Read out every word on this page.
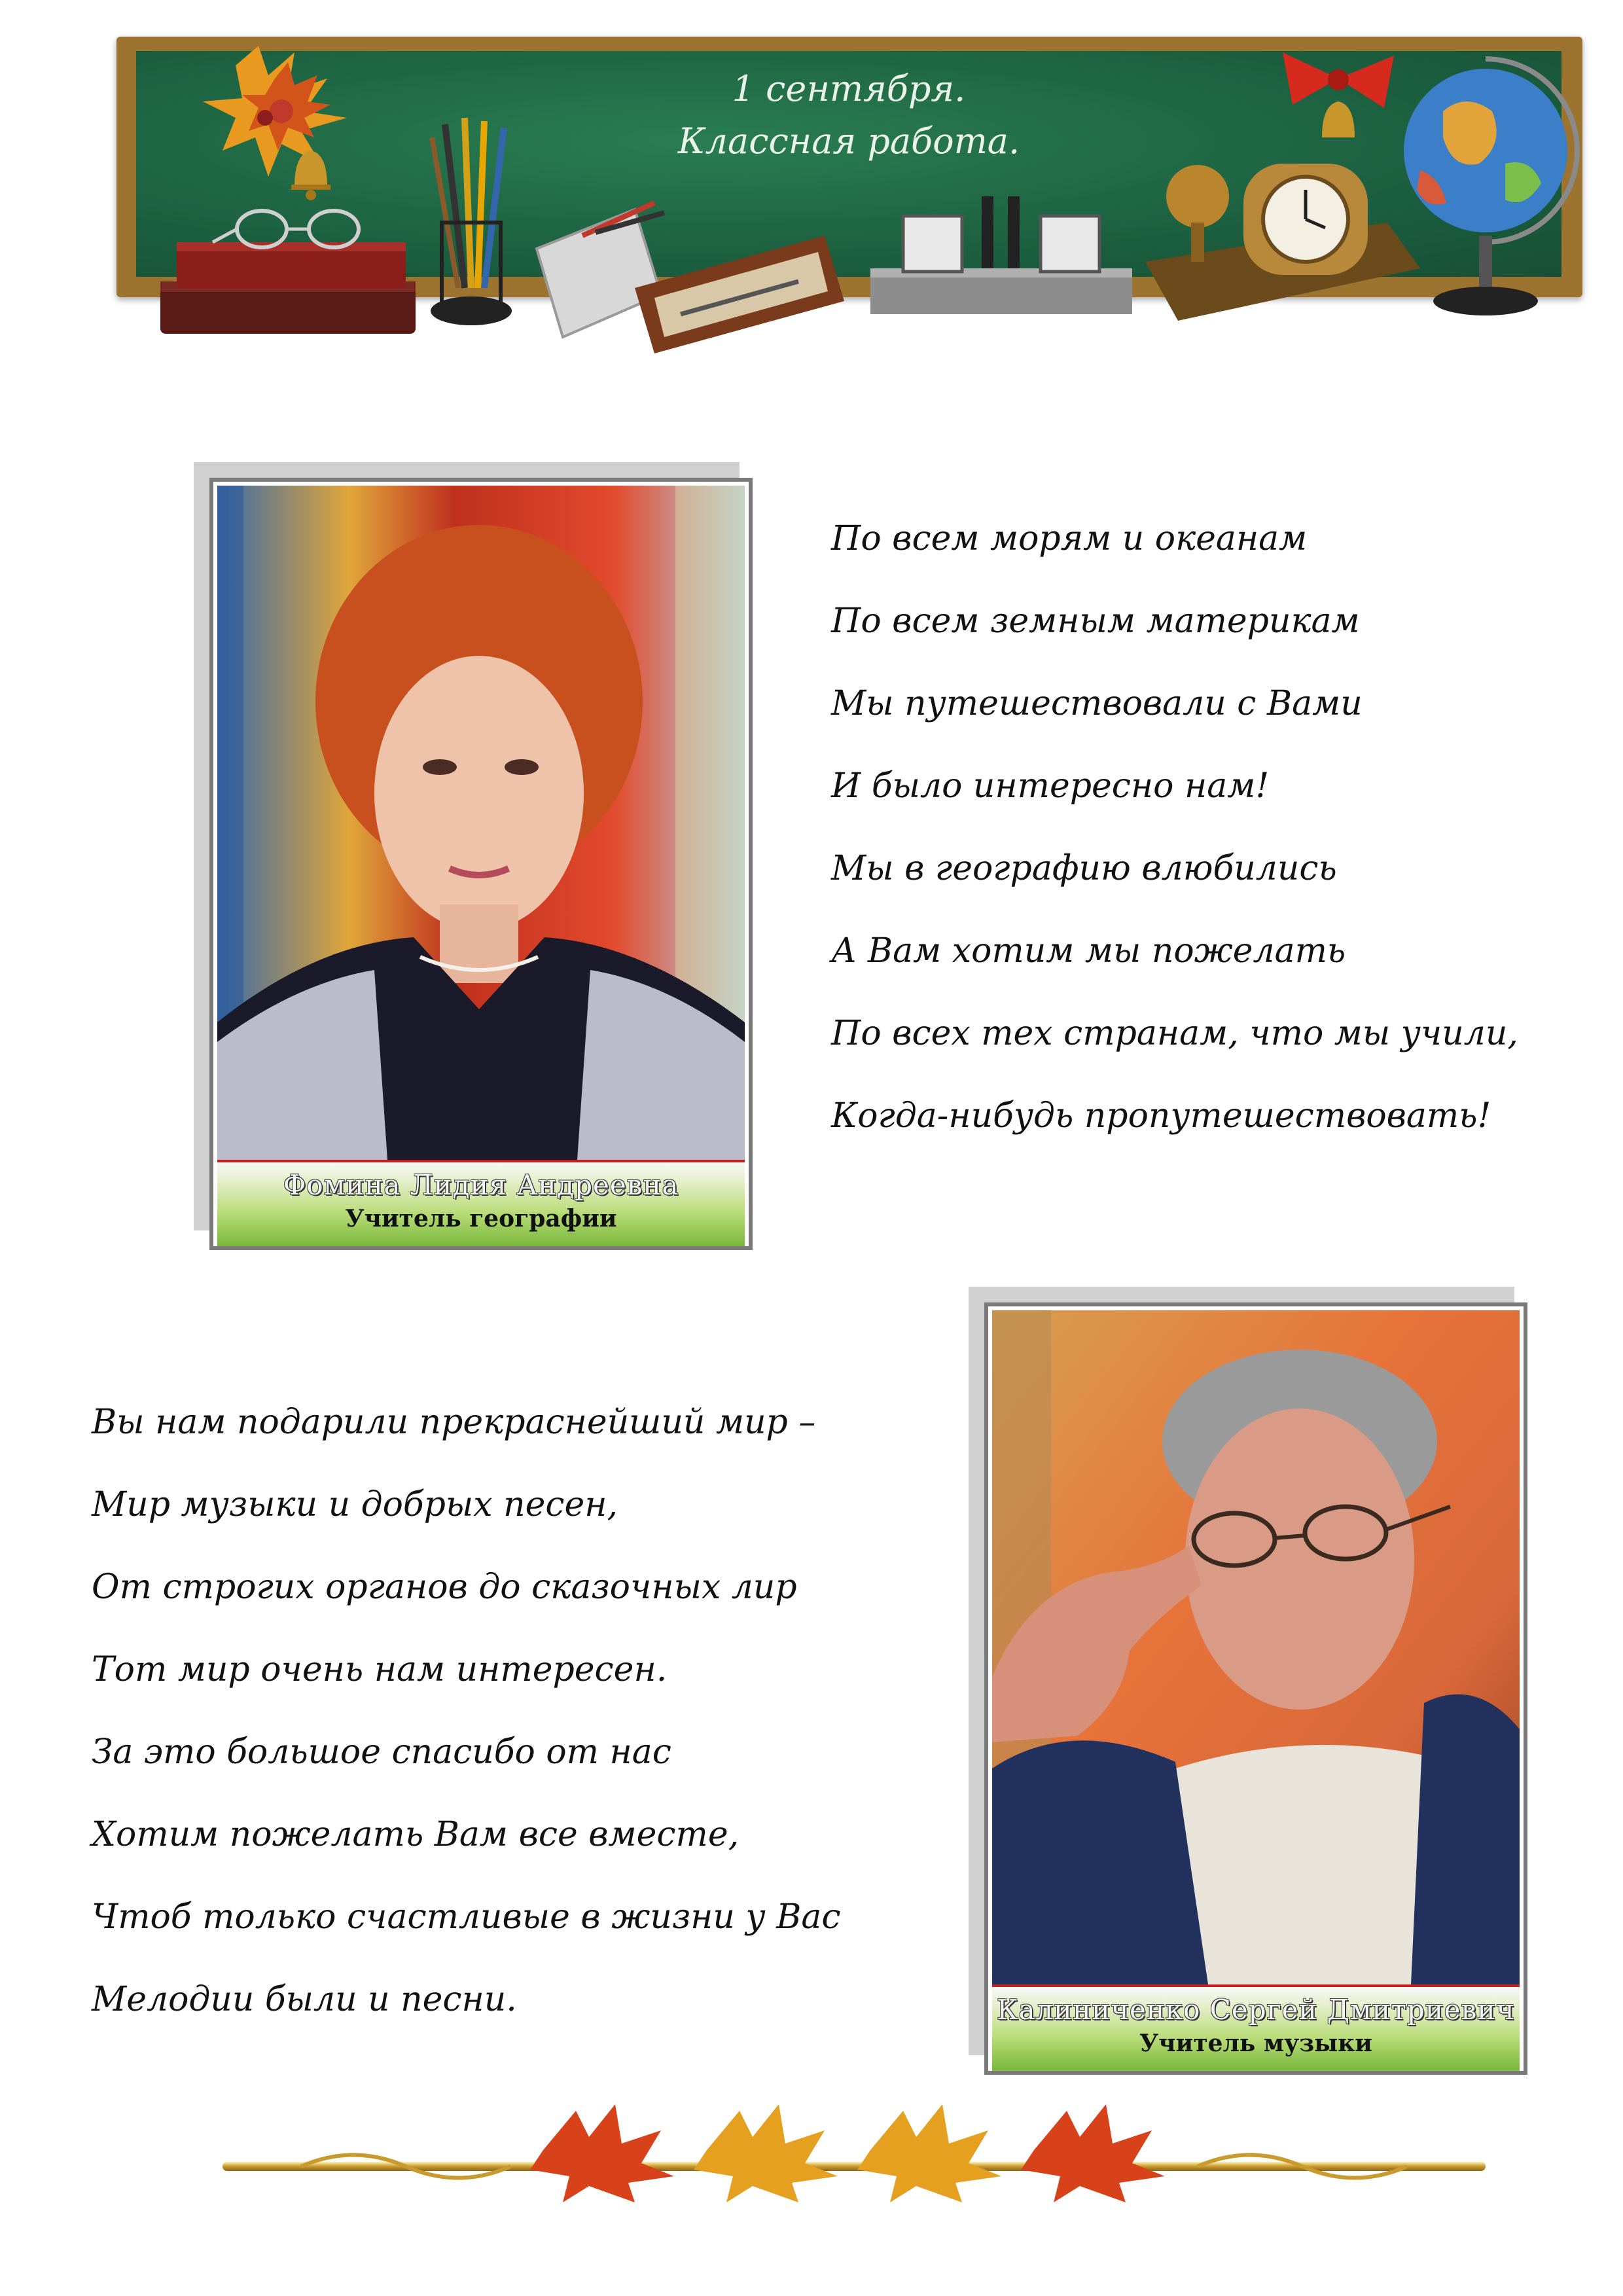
1 сентября.
Классная работа.
Фомина Лидия Андреевна
Учитель географии
По всем морям и океанам
По всем земным материкам
Мы путешествовали с Вами
И было интересно нам!
Мы в географию влюбились
А Вам хотим мы пожелать
По всех тех странам, что мы учили,
Когда-нибудь пропутешествовать!
Калиниченко Сергей Дмитриевич
Учитель музыки
Вы нам подарили прекраснейший мир –
Мир музыки и добрых песен,
От строгих органов до сказочных лир
Тот мир очень нам интересен.
За это большое спасибо от нас
Хотим пожелать Вам все вместе,
Чтоб только счастливые в жизни у Вас
Мелодии были и песни.
